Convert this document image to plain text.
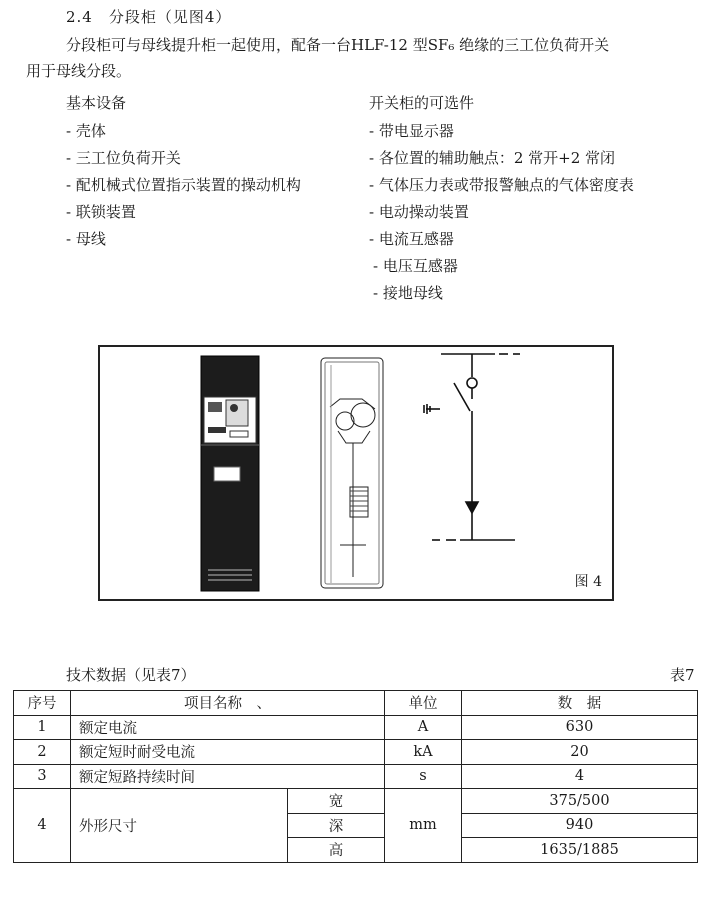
2.4　分段柜（见图4）
分段柜可与母线提升柜一起使用，配备一台HLF-12 型SF₆ 绝缘的三工位负荷开关
用于母线分段。
基本设备
- 壳体
- 三工位负荷开关
- 配机械式位置指示装置的操动机构
- 联锁装置
- 母线
开关柜的可选件
- 带电显示器
- 各位置的辅助触点：2 常开+2 常闭
- 气体压力表或带报警触点的气体密度表
- 电动操动装置
- 电流互感器
- 电压互感器
- 接地母线
图 4
技术数据（见表7）	表7
序号	项目名称　、		单位	数　据
1	额定电流		A	630
2	额定短时耐受电流		kA	20
3	额定短路持续时间		s	4
4	外形尺寸	宽	mm	375/500
		深		940
		高		1635/1885
